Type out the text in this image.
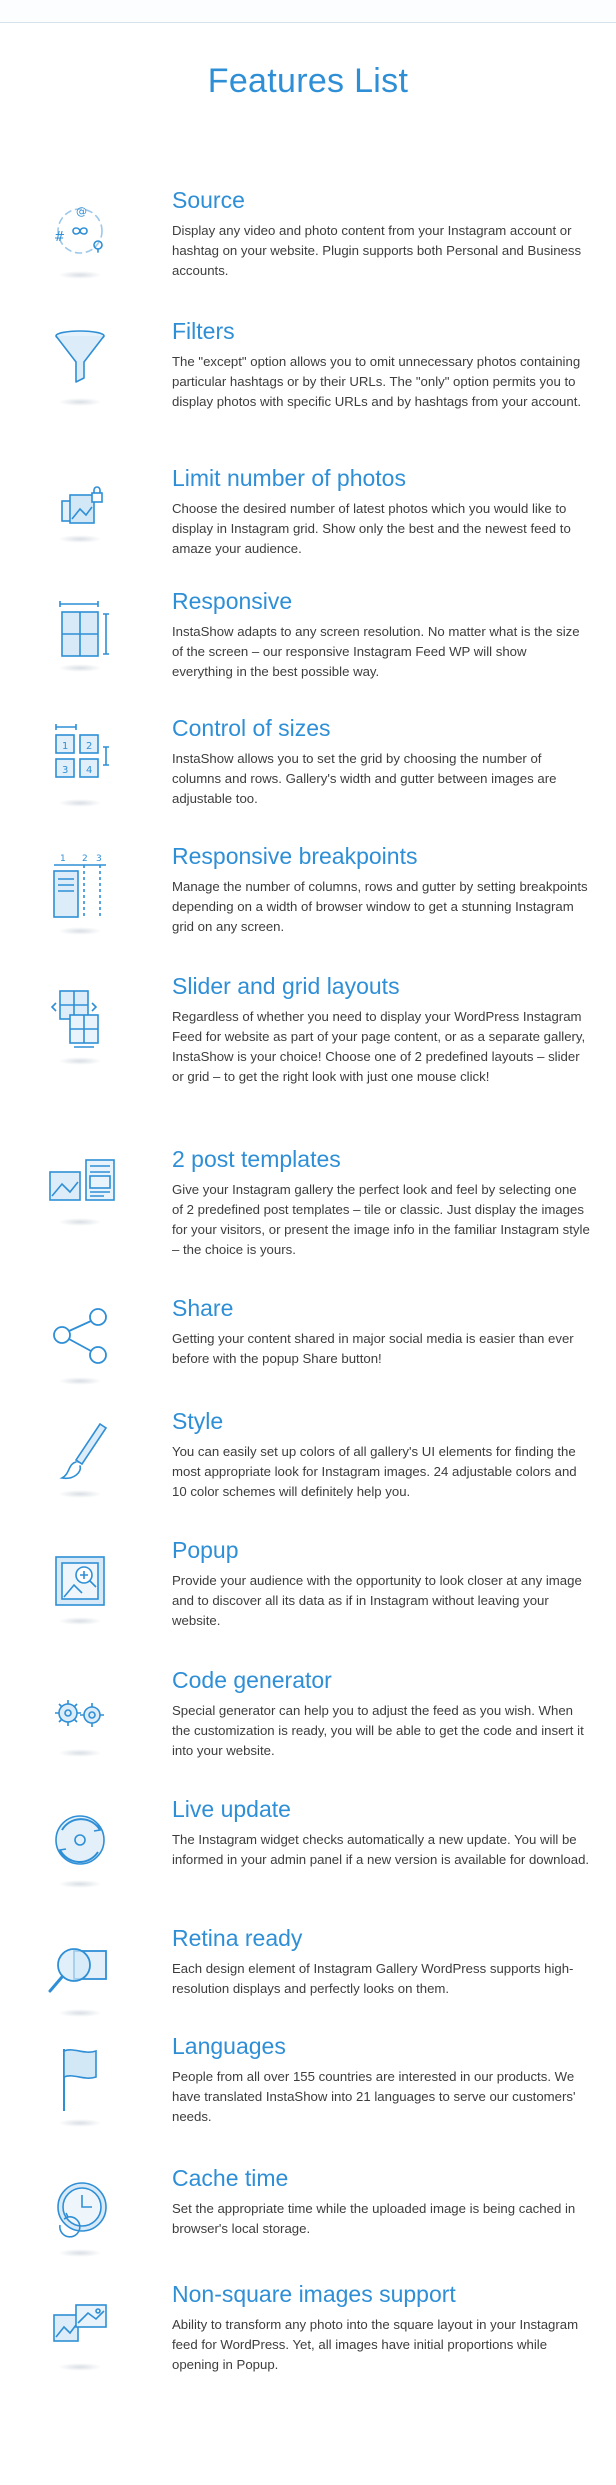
Features List
@
#
Source

Display any video and photo content from your Instagram account or hashtag on your website. Plugin supports both Personal and Business accounts.

Filters

The "except" option allows you to omit unnecessary photos containing particular hashtags or by their URLs. The "only" option permits you to display photos with specific URLs and by hashtags from your account.

Limit number of photos

Choose the desired number of latest photos which you would like to display in Instagram grid. Show only the best and the newest feed to amaze your audience.

Responsive

InstaShow adapts to any screen resolution. No matter what is the size of the screen – our responsive Instagram Feed WP will show everything in the best possible way.

1 2
3 4
Control of sizes

InstaShow allows you to set the grid by choosing the number of columns and rows. Gallery's width and gutter between images are adjustable too.

1 2 3	Responsive breakpoints

Manage the number of columns, rows and gutter by setting breakpoints depending on a width of browser window to get a stunning Instagram grid on any screen.

Slider and grid layouts

Regardless of whether you need to display your WordPress Instagram Feed for website as part of your page content, or as a separate gallery, InstaShow is your choice! Choose one of 2 predefined layouts – slider or grid – to get the right look with just one mouse click!

2 post templates

Give your Instagram gallery the perfect look and feel by selecting one of 2 predefined post templates – tile or classic. Just display the images for your visitors, or present the image info in the familiar Instagram style – the choice is yours.

Share

Getting your content shared in major social media is easier than ever before with the popup Share button!

Style

You can easily set up colors of all gallery's UI elements for finding the most appropriate look for Instagram images. 24 adjustable colors and 10 color schemes will definitely help you.

Popup

Provide your audience with the opportunity to look closer at any image and to discover all its data as if in Instagram without leaving your website.

Code generator

Special generator can help you to adjust the feed as you wish. When the customization is ready, you will be able to get the code and insert it into your website.

Live update

The Instagram widget checks automatically a new update. You will be informed in your admin panel if a new version is available for download.

Retina ready

Each design element of Instagram Gallery WordPress supports high-resolution displays and perfectly looks on them.

Languages

People from all over 155 countries are interested in our products. We have translated InstaShow into 21 languages to serve our customers' needs.

Cache time

Set the appropriate time while the uploaded image is being cached in browser's local storage.

Non-square images support

Ability to transform any photo into the square layout in your Instagram feed for WordPress. Yet, all images have initial proportions while opening in Popup.
